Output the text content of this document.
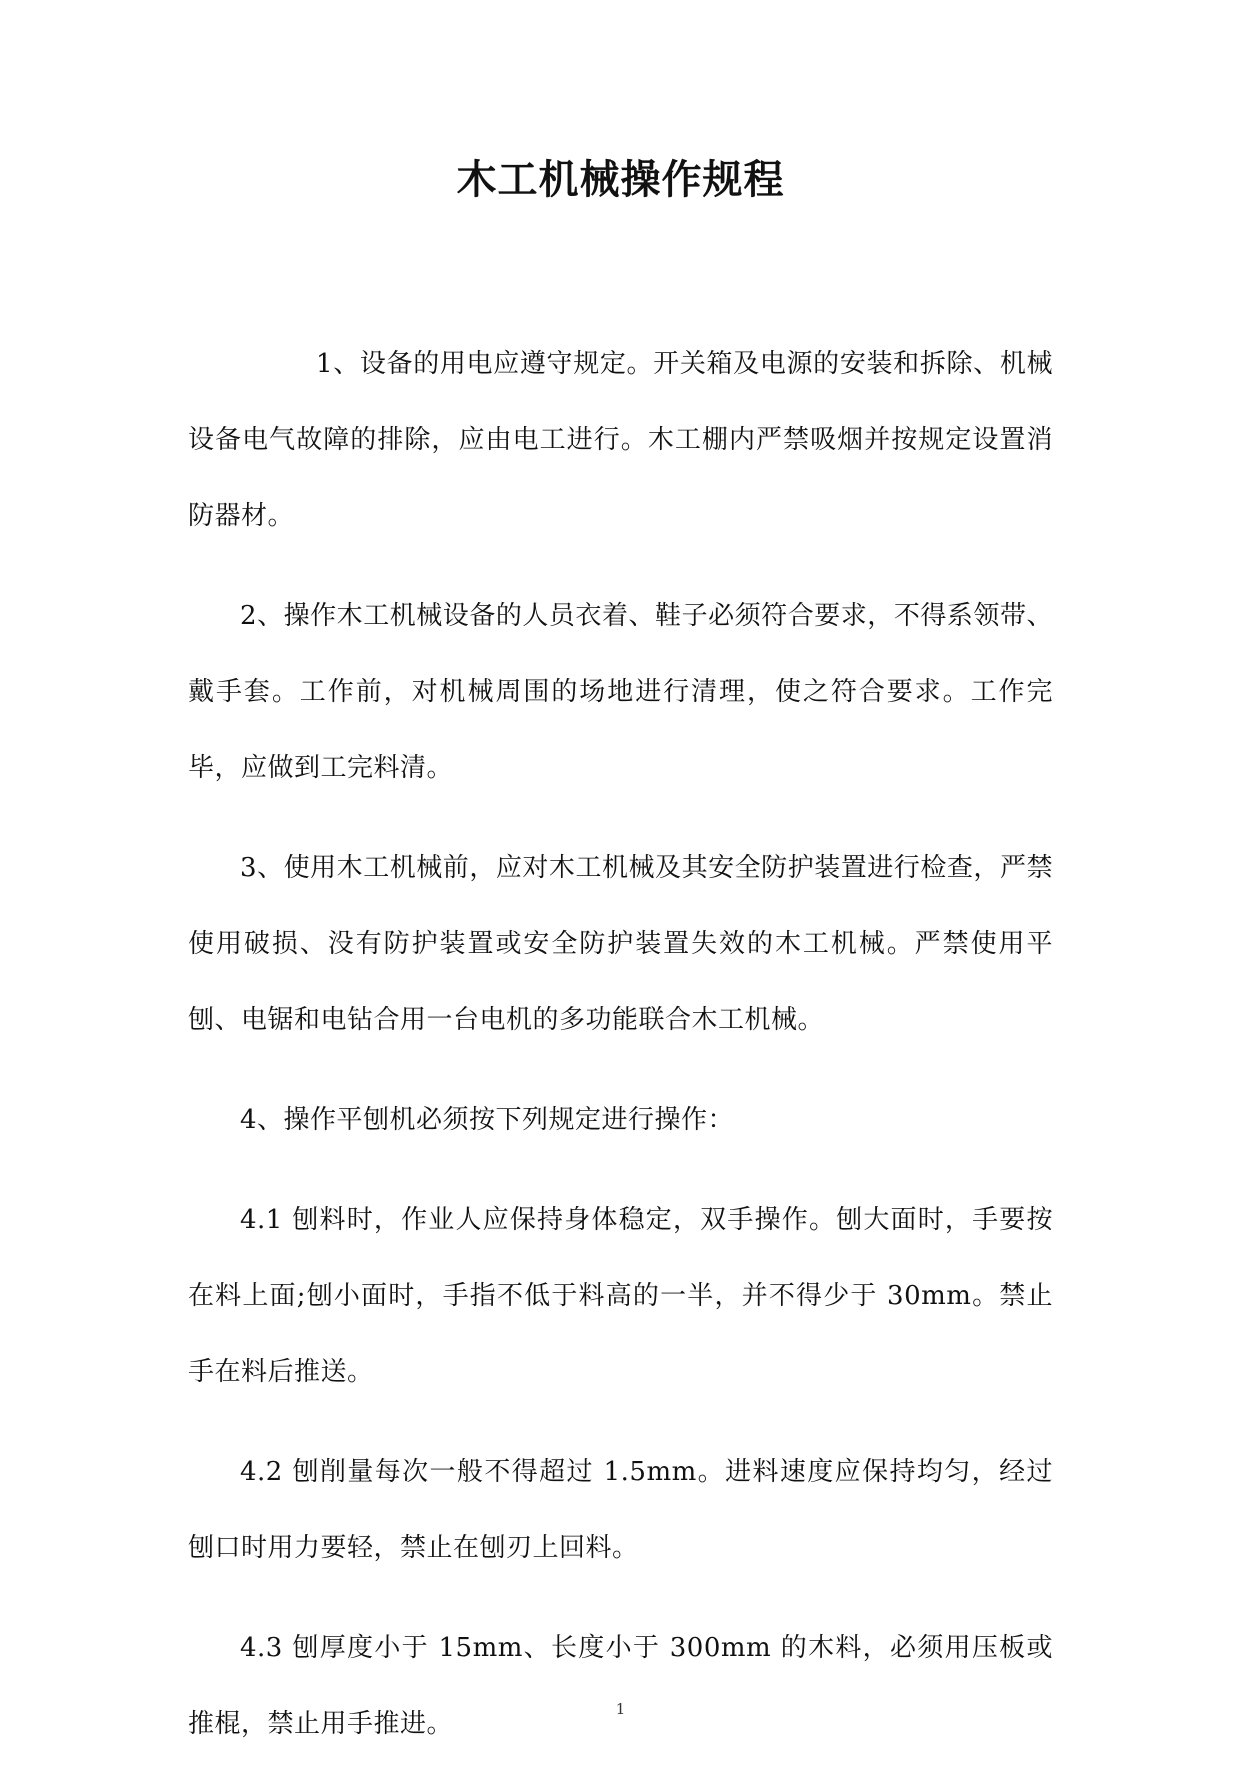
木工机械操作规程

1、设备的用电应遵守规定。开关箱及电源的安装和拆除、机械设备电气故障的排除，应由电工进行。木工棚内严禁吸烟并按规定设置消防器材。

2、操作木工机械设备的人员衣着、鞋子必须符合要求，不得系领带、戴手套。工作前，对机械周围的场地进行清理，使之符合要求。工作完毕，应做到工完料清。

3、使用木工机械前，应对木工机械及其安全防护装置进行检查，严禁使用破损、没有防护装置或安全防护装置失效的木工机械。严禁使用平刨、电锯和电钻合用一台电机的多功能联合木工机械。

4、操作平刨机必须按下列规定进行操作：

4.1 刨料时，作业人应保持身体稳定，双手操作。刨大面时，手要按在料上面;刨小面时，手指不低于料高的一半，并不得少于 30mm。禁止手在料后推送。

4.2 刨削量每次一般不得超过 1.5mm。进料速度应保持均匀，经过刨口时用力要轻，禁止在刨刃上回料。

4.3 刨厚度小于 15mm、长度小于 300mm 的木料，必须用压板或推棍，禁止用手推进。	1
